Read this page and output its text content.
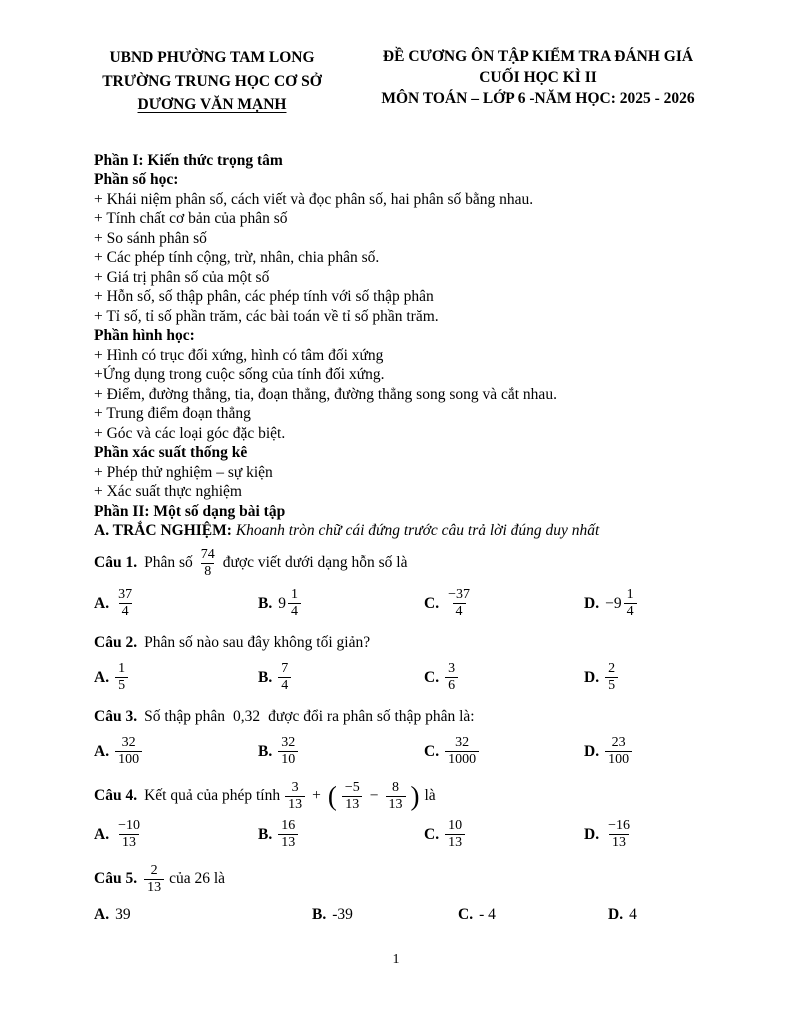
UBND PHƯỜNG TAM LONG
TRƯỜNG TRUNG HỌC CƠ SỞ
DƯƠNG VĂN MẠNH
ĐỀ CƯƠNG ÔN TẬP KIỂM TRA ĐÁNH GIÁ
CUỐI HỌC KÌ II
MÔN TOÁN – LỚP 6 -NĂM HỌC: 2025 - 2026
Phần I: Kiến thức trọng tâm
Phần số học:
+ Khái niệm phân số, cách viết và đọc phân số, hai phân số bằng nhau.
+ Tính chất cơ bản của phân số
+ So sánh phân số
+ Các phép tính cộng, trừ, nhân, chia phân số.
+ Giá trị phân số của một số
+ Hỗn số, số thập phân, các phép tính với số thập phân
+ Tỉ số, tỉ số phần trăm, các bài toán về tỉ số phần trăm.
Phần hình học:
+ Hình có trục đối xứng, hình có tâm đối xứng
+Ứng dụng trong cuộc sống của tính đối xứng.
+ Điểm, đường thẳng, tia, đoạn thẳng, đường thẳng song song và cắt nhau.
+ Trung điểm đoạn thẳng
+ Góc và các loại góc đặc biệt.
Phần xác suất thống kê
+ Phép thử nghiệm – sự kiện
+ Xác suất thực nghiệm
Phần II: Một số dạng bài tập
A. TRẮC NGHIỆM: Khoanh tròn chữ cái đứng trước câu trả lời đúng duy nhất
Câu 1. Phân số $\frac{74}{8}$ được viết dưới dạng hỗn số là
A. $\frac{37}{4}$	B. $9 \frac{1}{4}$	C. $\frac{-37}{4}$	D. $-9 \frac{1}{4}$
Câu 2. Phân số nào sau đây không tối giản?
A. $\frac{1}{5}$	B. $\frac{7}{4}$	C. $\frac{3}{6}$	D. $\frac{2}{5}$
Câu 3. Số thập phân 0,32 được đổi ra phân số thập phân là:
A. $\frac{32}{100}$	B. $\frac{32}{10}$	C. $\frac{32}{1000}$	D. $\frac{23}{100}$
Câu 4. Kết quả của phép tính $\frac{3}{13}$ + ( $\frac{-5}{13} - \frac{8}{13}$ ) là
A. $\frac{-10}{13}$	B. $\frac{16}{13}$	C. $\frac{10}{13}$	D. $\frac{-16}{13}$
Câu 5. $\frac{2}{13}$ của 26 là
A. 39	B. -39	C. - 4	D. 4
1
